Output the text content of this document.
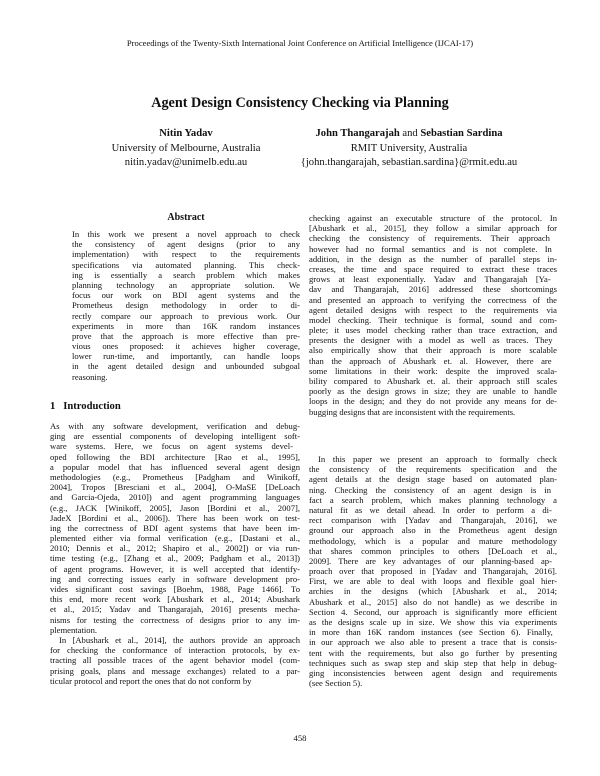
Proceedings of the Twenty-Sixth International Joint Conference on Artificial Intelligence (IJCAI-17)
Agent Design Consistency Checking via Planning
Nitin Yadav
University of Melbourne, Australia
nitin.yadav@unimelb.edu.au
John Thangarajah and Sebastian Sardina
RMIT University, Australia
{john.thangarajah, sebastian.sardina}@rmit.edu.au
Abstract
In this work we present a novel approach to check
the consistency of agent designs (prior to any
implementation) with respect to the requirements
specifications via automated planning. This check-
ing is essentially a search problem which makes
planning technology an appropriate solution. We
focus our work on BDI agent systems and the
Prometheus design methodology in order to di-
rectly compare our approach to previous work. Our
experiments in more than 16K random instances
prove that the approach is more effective than pre-
vious ones proposed: it achieves higher coverage,
lower run-time, and importantly, can handle loops
in the agent detailed design and unbounded subgoal
reasoning.
1   Introduction
As with any software development, verification and debug-
ging are essential components of developing intelligent soft-
ware systems. Here, we focus on agent systems devel-
oped following the BDI architecture [Rao et al., 1995],
a popular model that has influenced several agent design
methodologies (e.g., Prometheus [Padgham and Winikoff,
2004], Tropos [Bresciani et al., 2004], O-MaSE [DeLoach
and Garcia-Ojeda, 2010]) and agent programming languages
(e.g., JACK [Winikoff, 2005], Jason [Bordini et al., 2007],
JadeX [Bordini et al., 2006]). There has been work on test-
ing the correctness of BDI agent systems that have been im-
plemented either via formal verification (e.g., [Dastani et al.,
2010; Dennis et al., 2012; Shapiro et al., 2002]) or via run-
time testing (e.g., [Zhang et al., 2009; Padgham et al., 2013])
of agent programs. However, it is well accepted that identify-
ing and correcting issues early in software development pro-
vides significant cost savings [Boehm, 1988, Page 1466]. To
this end, more recent work [Abushark et al., 2014; Abushark
et al., 2015; Yadav and Thangarajah, 2016] presents mecha-
nisms for testing the correctness of designs prior to any im-
plementation.
In [Abushark et al., 2014], the authors provide an approach
for checking the conformance of interaction protocols, by ex-
tracting all possible traces of the agent behavior model (com-
prising goals, plans and message exchanges) related to a par-
ticular protocol and report the ones that do not conform by
checking against an executable structure of the protocol. In
[Abushark et al., 2015], they follow a similar approach for
checking the consistency of requirements. Their approach
however had no formal semantics and is not complete. In
addition, in the design as the number of parallel steps in-
creases, the time and space required to extract these traces
grows at least exponentially. Yadav and Thangarajah [Ya-
dav and Thangarajah, 2016] addressed these shortcomings
and presented an approach to verifying the correctness of the
agent detailed designs with respect to the requirements via
model checking. Their technique is formal, sound and com-
plete; it uses model checking rather than trace extraction, and
presents the designer with a model as well as traces. They
also empirically show that their approach is more scalable
than the approach of Abushark et. al. However, there are
some limitations in their work: despite the improved scala-
bility compared to Abushark et. al. their approach still scales
poorly as the design grows in size; they are unable to handle
loops in the design; and they do not provide any means for de-
bugging designs that are inconsistent with the requirements.
In this paper we present an approach to formally check
the consistency of the requirements specification and the
agent details at the design stage based on automated plan-
ning. Checking the consistency of an agent design is in
fact a search problem, which makes planning technology a
natural fit as we detail ahead. In order to perform a di-
rect comparison with [Yadav and Thangarajah, 2016], we
ground our approach also in the Prometheus agent design
methodology, which is a popular and mature methodology
that shares common principles to others [DeLoach et al.,
2009]. There are key advantages of our planning-based ap-
proach over that proposed in [Yadav and Thangarajah, 2016].
First, we are able to deal with loops and flexible goal hier-
archies in the designs (which [Abushark et al., 2014;
Abushark et al., 2015] also do not handle) as we describe in
Section 4. Second, our approach is significantly more efficient
as the designs scale up in size. We show this via experiments
in more than 16K random instances (see Section 6). Finally,
in our approach we also able to present a trace that is consis-
tent with the requirements, but also go further by presenting
techniques such as swap step and skip step that help in debug-
ging inconsistencies between agent design and requirements
(see Section 5).
458
